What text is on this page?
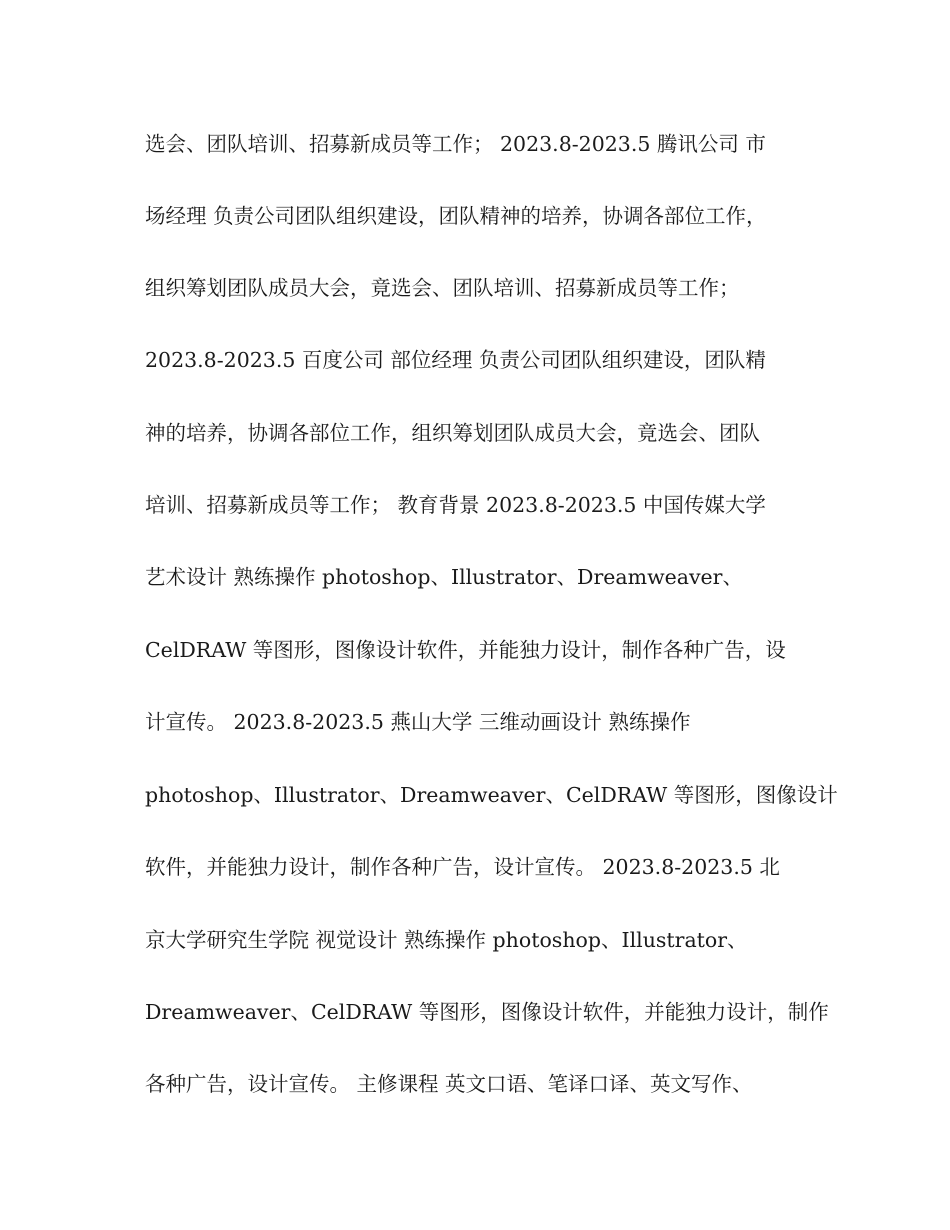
选会、团队培训、招募新成员等工作； 2023.8-2023.5 腾讯公司 市
场经理 负责公司团队组织建设，团队精神的培养，协调各部位工作，
组织筹划团队成员大会，竟选会、团队培训、招募新成员等工作；
2023.8-2023.5 百度公司 部位经理 负责公司团队组织建设，团队精
神的培养，协调各部位工作，组织筹划团队成员大会，竟选会、团队
培训、招募新成员等工作； 教育背景 2023.8-2023.5 中国传媒大学
艺术设计 熟练操作 photoshop、Illustrator、Dreamweaver、
CelDRAW 等图形，图像设计软件，并能独力设计，制作各种广告，设
计宣传。 2023.8-2023.5 燕山大学 三维动画设计 熟练操作
photoshop、Illustrator、Dreamweaver、CelDRAW 等图形，图像设计
软件，并能独力设计，制作各种广告，设计宣传。 2023.8-2023.5 北
京大学研究生学院 视觉设计 熟练操作 photoshop、Illustrator、
Dreamweaver、CelDRAW 等图形，图像设计软件，并能独力设计，制作
各种广告，设计宣传。 主修课程 英文口语、笔译口译、英文写作、
